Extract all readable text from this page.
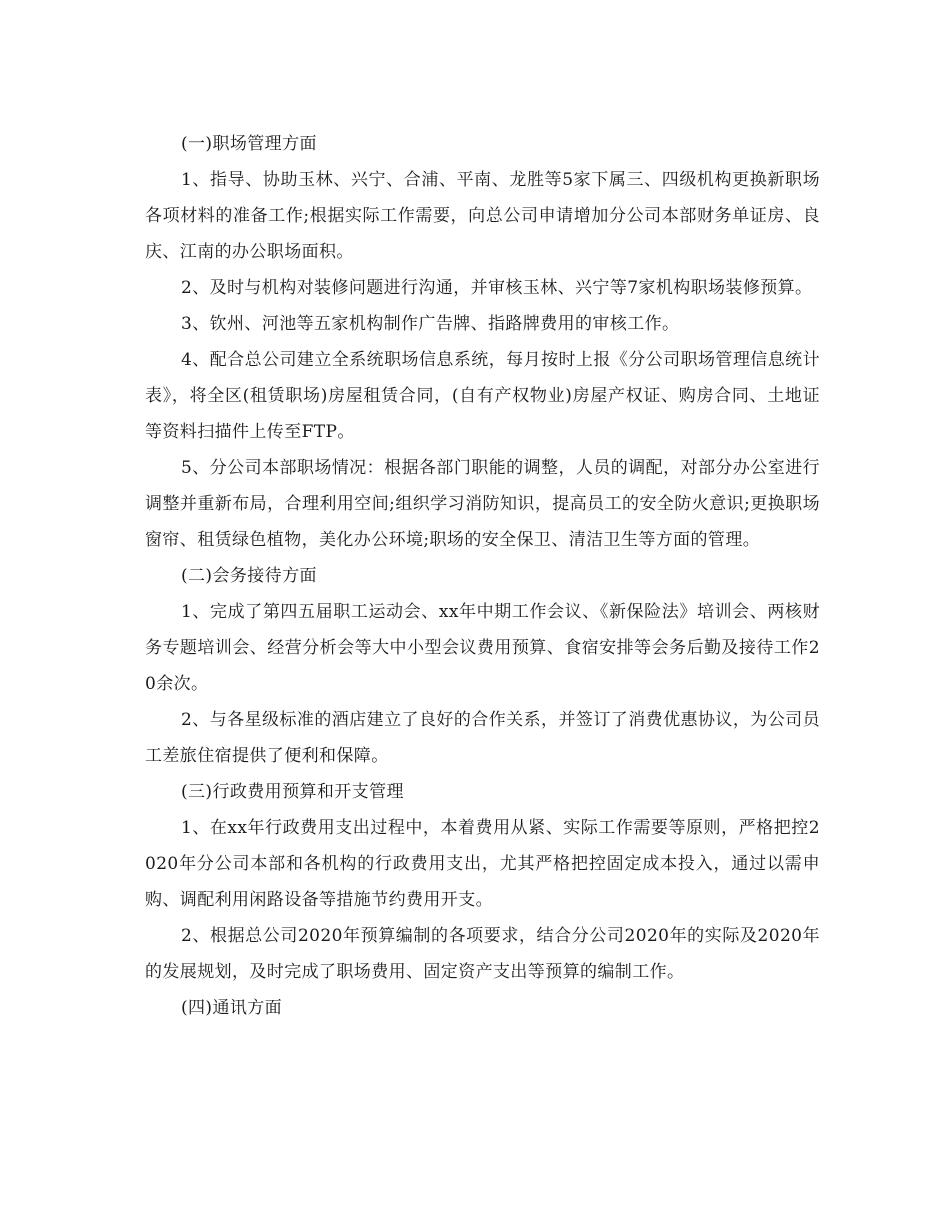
(一)职场管理方面

1、指导、协助玉林、兴宁、合浦、平南、龙胜等5家下属三、四级机构更换新职场各项材料的准备工作;根据实际工作需要，向总公司申请增加分公司本部财务单证房、良庆、江南的办公职场面积。

2、及时与机构对装修问题进行沟通，并审核玉林、兴宁等7家机构职场装修预算。

3、钦州、河池等五家机构制作广告牌、指路牌费用的审核工作。

4、配合总公司建立全系统职场信息系统，每月按时上报《分公司职场管理信息统计表》，将全区(租赁职场)房屋租赁合同，(自有产权物业)房屋产权证、购房合同、土地证等资料扫描件上传至FTP。

5、分公司本部职场情况：根据各部门职能的调整，人员的调配，对部分办公室进行调整并重新布局，合理利用空间;组织学习消防知识，提高员工的安全防火意识;更换职场窗帘、租赁绿色植物，美化办公环境;职场的安全保卫、清洁卫生等方面的管理。

(二)会务接待方面

1、完成了第四五届职工运动会、xx年中期工作会议、《新保险法》培训会、两核财务专题培训会、经营分析会等大中小型会议费用预算、食宿安排等会务后勤及接待工作20余次。

2、与各星级标准的酒店建立了良好的合作关系，并签订了消费优惠协议，为公司员工差旅住宿提供了便利和保障。

(三)行政费用预算和开支管理

1、在xx年行政费用支出过程中，本着费用从紧、实际工作需要等原则，严格把控2020年分公司本部和各机构的行政费用支出，尤其严格把控固定成本投入，通过以需申购、调配利用闲路设备等措施节约费用开支。

2、根据总公司2020年预算编制的各项要求，结合分公司2020年的实际及2020年的发展规划，及时完成了职场费用、固定资产支出等预算的编制工作。

(四)通讯方面
